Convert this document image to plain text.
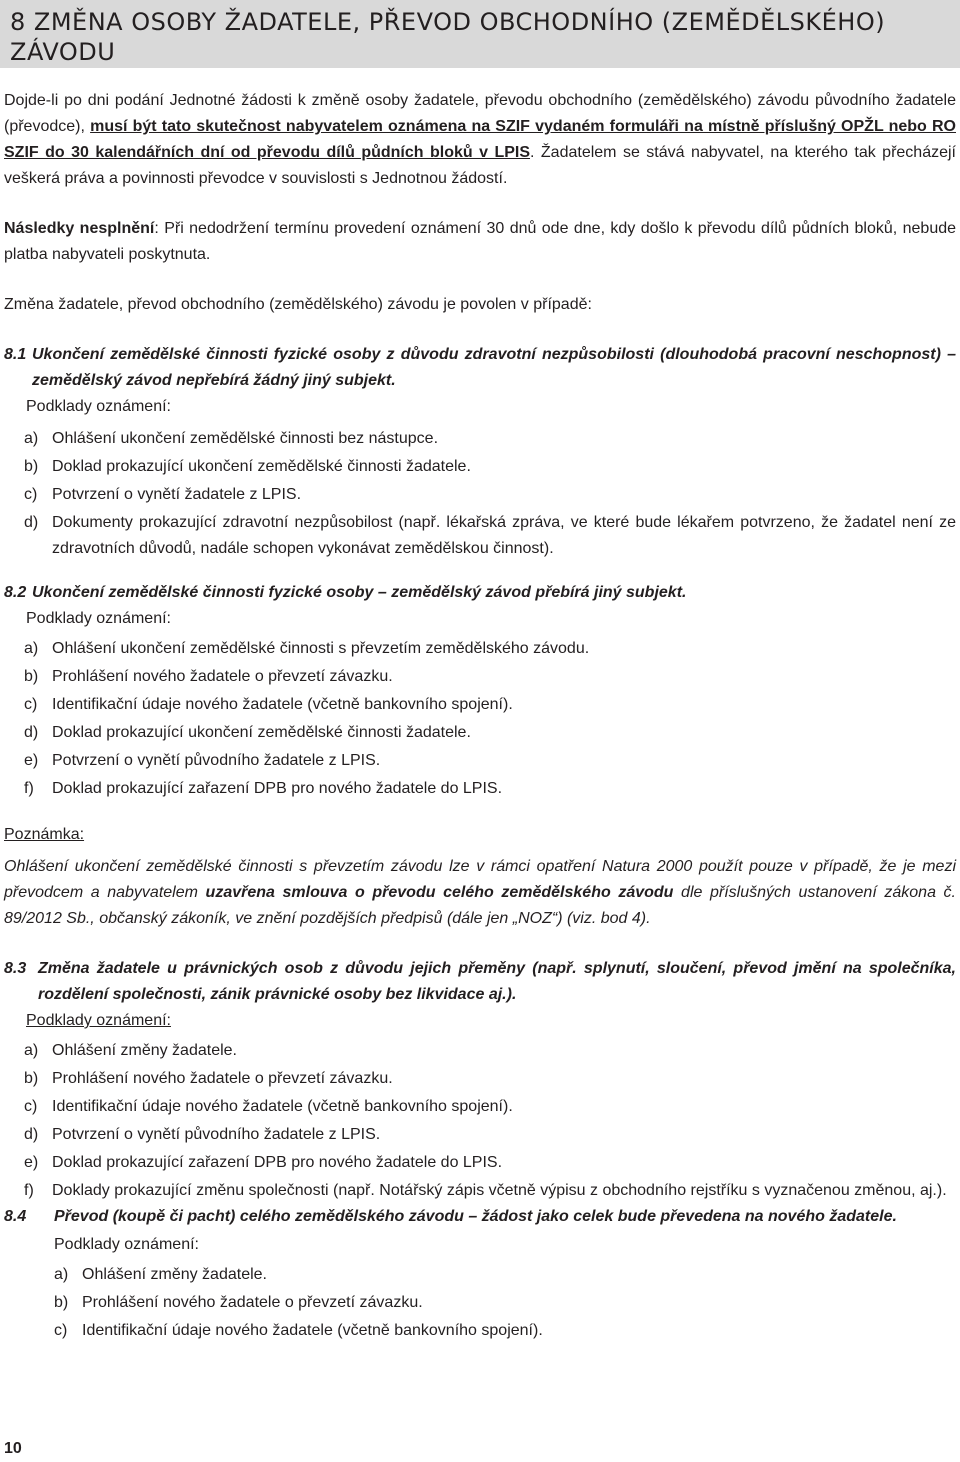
8 ZMĚNA OSOBY ŽADATELE, PŘEVOD OBCHODNÍHO (ZEMĚDĚLSKÉHO)
ZÁVODU

Dojde-li po dni podání Jednotné žádosti k změně osoby žadatele, převodu obchodního (zemědělského) závodu původního žadatele (převodce), musí být tato skutečnost nabyvatelem oznámena na SZIF vydaném formuláři na místně příslušný OPŽL nebo RO SZIF do 30 kalendářních dní od převodu dílů půdních bloků v LPIS. Žadatelem se stává nabyvatel, na kterého tak přecházejí veškerá práva a povinnosti převodce v souvislosti s Jednotnou žádostí.

Následky nesplnění: Při nedodržení termínu provedení oznámení 30 dnů ode dne, kdy došlo k převodu dílů půdních bloků, nebude platba nabyvateli poskytnuta.

Změna žadatele, převod obchodního (zemědělského) závodu je povolen v případě:

8.1 Ukončení zemědělské činnosti fyzické osoby z důvodu zdravotní nezpůsobilosti (dlouhodobá pracovní neschopnost) – zemědělský závod nepřebírá žádný jiný subjekt.

Podklady oznámení:

a) Ohlášení ukončení zemědělské činnosti bez nástupce.
b) Doklad prokazující ukončení zemědělské činnosti žadatele.
c) Potvrzení o vynětí žadatele z LPIS.
d) Dokumenty prokazující zdravotní nezpůsobilost (např. lékařská zpráva, ve které bude lékařem potvrzeno, že žadatel není ze zdravotních důvodů, nadále schopen vykonávat zemědělskou činnost).
8.2 Ukončení zemědělské činnosti fyzické osoby – zemědělský závod přebírá jiný subjekt.

Podklady oznámení:

a) Ohlášení ukončení zemědělské činnosti s převzetím zemědělského závodu.
b) Prohlášení nového žadatele o převzetí závazku.
c) Identifikační údaje nového žadatele (včetně bankovního spojení).
d) Doklad prokazující ukončení zemědělské činnosti žadatele.
e) Potvrzení o vynětí původního žadatele z LPIS.
f)	Doklad prokazující zařazení DPB pro nového žadatele do LPIS.

Poznámka:

Ohlášení ukončení zemědělské činnosti s převzetím závodu lze v rámci opatření Natura 2000 použít pouze v případě, že je mezi převodcem a nabyvatelem uzavřena smlouva o převodu celého zemědělského závodu dle příslušných ustanovení zákona č. 89/2012 Sb., občanský zákoník, ve znění pozdějších předpisů (dále jen „NOZ“) (viz. bod 4).

8.3 Změna žadatele u právnických osob z důvodu jejich přeměny (např. splynutí, sloučení, převod jmění na společníka, rozdělení společnosti, zánik právnické osoby bez likvidace aj.).

Podklady oznámení:

a) Ohlášení změny žadatele.
b) Prohlášení nového žadatele o převzetí závazku.
c) Identifikační údaje nového žadatele (včetně bankovního spojení).
d) Potvrzení o vynětí původního žadatele z LPIS.
e) Doklad prokazující zařazení DPB pro nového žadatele do LPIS.
f)	Doklady prokazující změnu společnosti (např. Notářský zápis včetně výpisu z obchodního rejstříku s vyznačenou změnou, aj.).
8.4	Převod (koupě či pacht) celého zemědělského závodu – žádost jako celek bude převedena na nového žadatele.

Podklady oznámení:

a) Ohlášení změny žadatele.
b) Prohlášení nového žadatele o převzetí závazku.
c) Identifikační údaje nového žadatele (včetně bankovního spojení).
10
